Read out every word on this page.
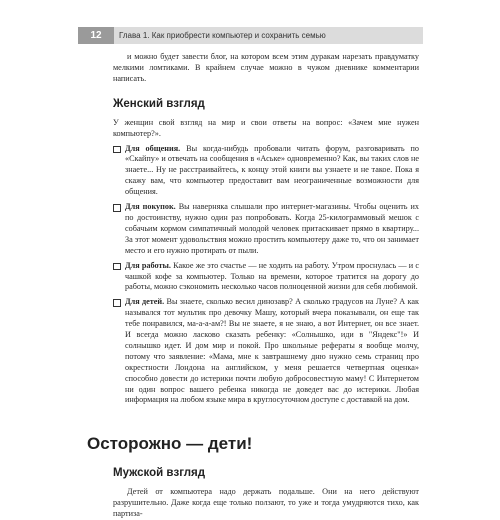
12	Глава 1. Как приобрести компьютер и сохранить семью

и можно будет завести блог, на котором всем этим дуракам нарезать правдуматку мелкими ломтиками. В крайнем случае можно в чужом дневнике комментарии написать.

Женский взгляд

У женщин свой взгляд на мир и свои ответы на вопрос: «Зачем мне нужен компьютер?».

Для общения. Вы когда-нибудь пробовали читать форум, разговаривать по «Скайпу» и отвечать на сообщения в «Аське» одновременно? Как, вы таких слов не знаете... Ну не расстраивайтесь, к концу этой книги вы узнаете и не такое. Пока я скажу вам, что компьютер предоставит вам неограниченные возможности для общения.

Для покупок. Вы наверняка слышали про интернет-магазины. Чтобы оценить их по достоинству, нужно один раз попробовать. Когда 25-килограммовый мешок с собачьим кормом симпатичный молодой человек притаскивает прямо в квартиру... За этот момент удовольствия можно простить компьютеру даже то, что он занимает место и его нужно протирать от пыли.

Для работы. Какое же это счастье — не ходить на работу. Утром проснулась — и с чашкой кофе за компьютер. Только на времени, которое тратится на дорогу до работы, можно сэкономить несколько часов полноценной жизни для себя любимой.

Для детей. Вы знаете, сколько весил динозавр? А сколько градусов на Луне? А как назывался тот мультик про девочку Машу, который вчера показывали, он еще так тебе понравился, ма-а-а-ам?! Вы не знаете, я не знаю, а вот Интернет, он все знает. И всегда можно ласково сказать ребенку: «Солнышко, иди в "Яндекс"!» И солнышко идет. И дом мир и покой. Про школьные рефераты я вообще молчу, потому что заявление: «Мама, мне к завтрашнему дню нужно семь страниц про окрестности Лондона на английском, у меня решается четвертная оценка» способно довести до истерики почти любую добросовестную маму! С Интернетом ни один вопрос вашего ребенка никогда не доведет вас до истерики. Любая информация на любом языке мира в круглосуточном доступе с доставкой на дом.

Осторожно — дети!
Мужской взгляд

Детей от компьютера надо держать подальше. Они на него действуют разрушительно. Даже когда еще только ползают, то уже и тогда умудряются тихо, как партиза-
